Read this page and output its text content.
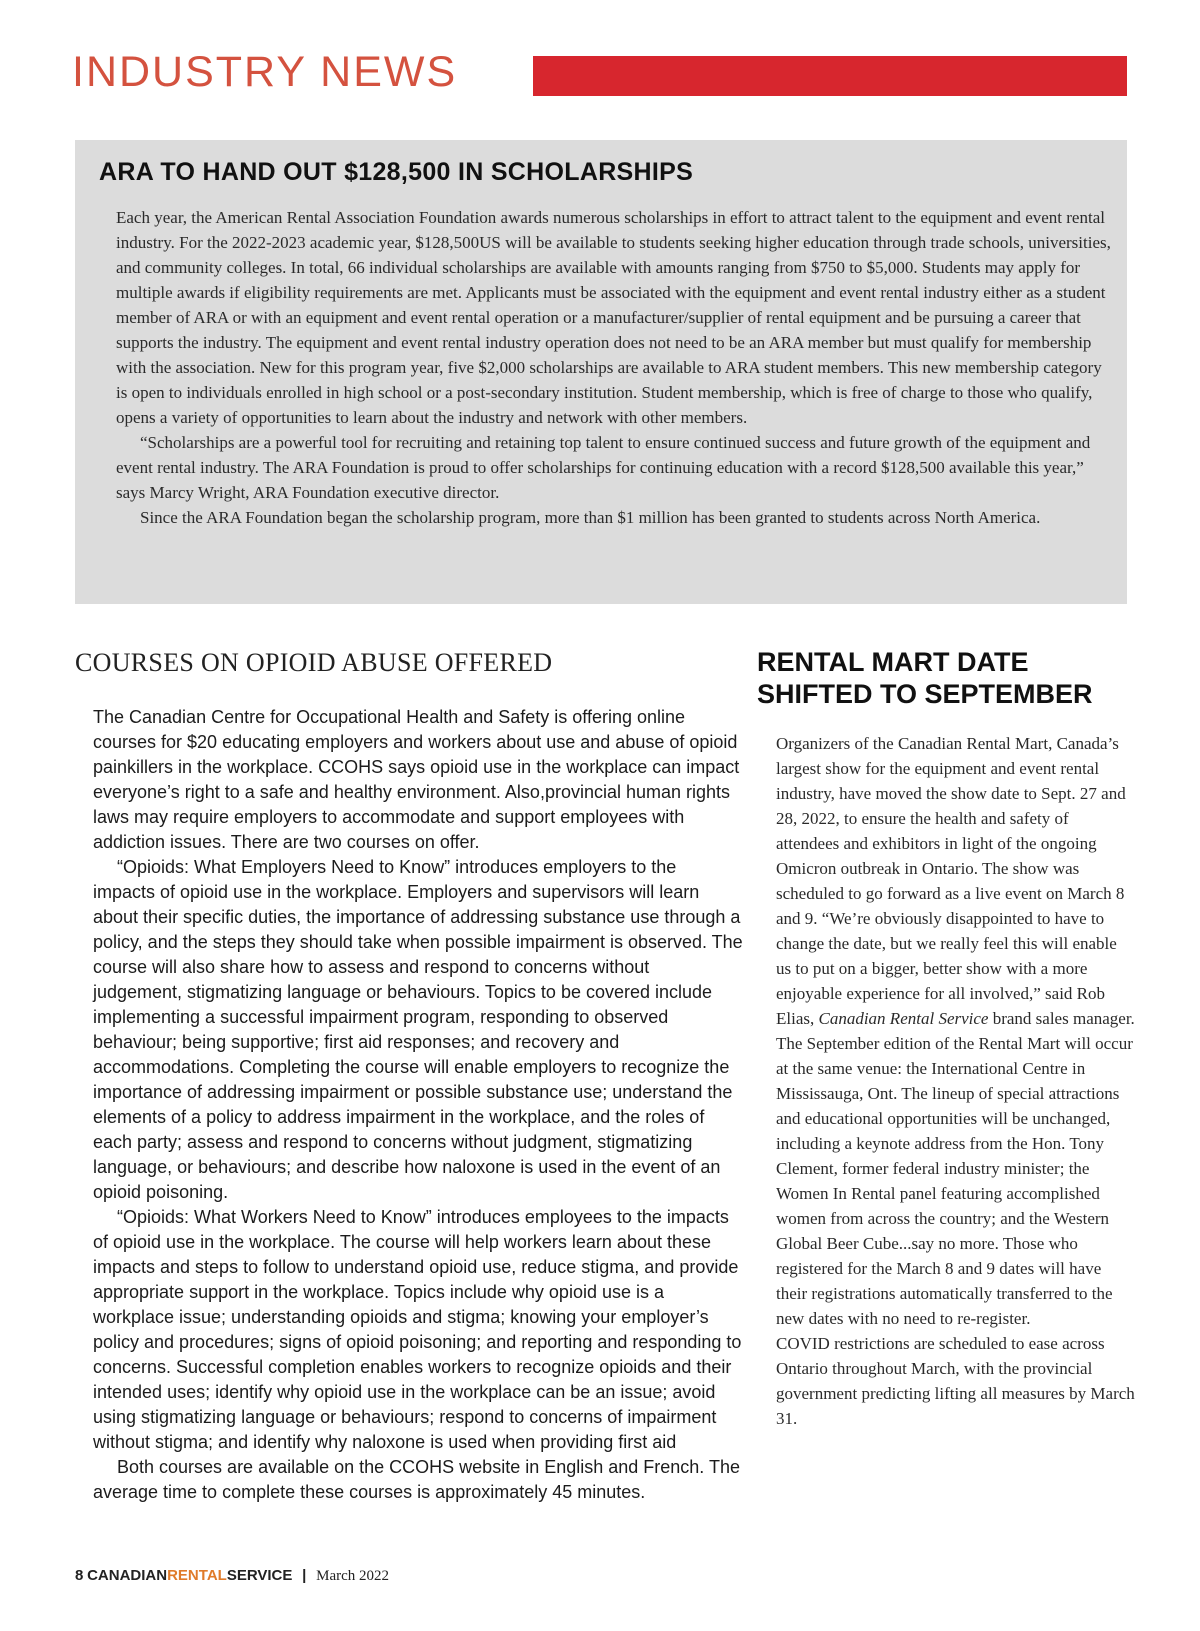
INDUSTRY NEWS
ARA TO HAND OUT $128,500 IN SCHOLARSHIPS

Each year, the American Rental Association Foundation awards numerous scholarships in effort to attract talent to the equipment and event rental industry. For the 2022-2023 academic year, $128,500US will be available to students seeking higher education through trade schools, universities, and community colleges. In total, 66 individual scholarships are available with amounts ranging from $750 to $5,000. Students may apply for multiple awards if eligibility requirements are met. Applicants must be associated with the equipment and event rental industry either as a student member of ARA or with an equipment and event rental operation or a manufacturer/supplier of rental equipment and be pursuing a career that supports the industry. The equipment and event rental industry operation does not need to be an ARA member but must qualify for membership with the association. New for this program year, five $2,000 scholarships are available to ARA student members. This new membership category is open to individuals enrolled in high school or a post-secondary institution. Student membership, which is free of charge to those who qualify, opens a variety of opportunities to learn about the industry and network with other members.

“Scholarships are a powerful tool for recruiting and retaining top talent to ensure continued success and future growth of the equipment and event rental industry. The ARA Foundation is proud to offer scholarships for continuing education with a record $128,500 available this year,” says Marcy Wright, ARA Foundation executive director.

Since the ARA Foundation began the scholarship program, more than $1 million has been granted to students across North America.

COURSES ON OPIOID ABUSE OFFERED

The Canadian Centre for Occupational Health and Safety is offering online courses for $20 educating employers and workers about use and abuse of opioid painkillers in the workplace. CCOHS says opioid use in the workplace can impact everyone’s right to a safe and healthy environment. Also,provincial human rights laws may require employers to accommodate and support employees with addiction issues. There are two courses on offer.

“Opioids: What Employers Need to Know” introduces employers to the impacts of opioid use in the workplace. Employers and supervisors will learn about their specific duties, the importance of addressing substance use through a policy, and the steps they should take when possible impairment is observed. The course will also share how to assess and respond to concerns without judgement, stigmatizing language or behaviours. Topics to be covered include implementing a successful impairment program, responding to observed behaviour; being supportive; first aid responses; and recovery and accommodations. Completing the course will enable employers to recognize the importance of addressing impairment or possible substance use; understand the elements of a policy to address impairment in the workplace, and the roles of each party; assess and respond to concerns without judgment, stigmatizing language, or behaviours; and describe how naloxone is used in the event of an opioid poisoning.

“Opioids: What Workers Need to Know” introduces employees to the impacts of opioid use in the workplace. The course will help workers learn about these impacts and steps to follow to understand opioid use, reduce stigma, and provide appropriate support in the workplace. Topics include why opioid use is a workplace issue; understanding opioids and stigma; knowing your employer’s policy and procedures; signs of opioid poisoning; and reporting and responding to concerns. Successful completion enables workers to recognize opioids and their intended uses; identify why opioid use in the workplace can be an issue; avoid using stigmatizing language or behaviours; respond to concerns of impairment without stigma; and identify why naloxone is used when providing first aid

Both courses are available on the CCOHS website in English and French. The average time to complete these courses is approximately 45 minutes.

RENTAL MART DATE
SHIFTED TO SEPTEMBER

Organizers of the Canadian Rental Mart, Canada’s largest show for the equipment and event rental industry, have moved the show date to Sept. 27 and 28, 2022, to ensure the health and safety of attendees and exhibitors in light of the ongoing Omicron outbreak in Ontario. The show was scheduled to go forward as a live event on March 8 and 9. “We’re obviously disappointed to have to change the date, but we really feel this will enable us to put on a bigger, better show with a more enjoyable experience for all involved,” said Rob Elias, Canadian Rental Service brand sales manager.

The September edition of the Rental Mart will occur at the same venue: the International Centre in Mississauga, Ont. The lineup of special attractions and educational opportunities will be unchanged, including a keynote address from the Hon. Tony Clement, former federal industry minister; the Women In Rental panel featuring accomplished women from across the country; and the Western Global Beer Cube...say no more. Those who registered for the March 8 and 9 dates will have their registrations automatically transferred to the new dates with no need to re-register.

COVID restrictions are scheduled to ease across Ontario throughout March, with the provincial government predicting lifting all measures by March 31.

8 CANADIANRENTALSERVICE | March 2022
